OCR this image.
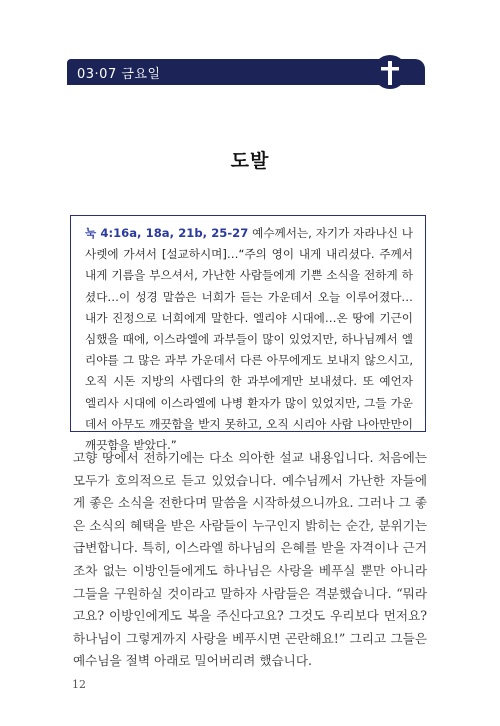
03·07 금요일
도발
눅 4:16a, 18a, 21b, 25-27 예수께서는, 자기가 자라나신 나사렛에 가셔서 [설교하시며]…“주의 영이 내게 내리셨다. 주께서 내게 기름을 부으셔서, 가난한 사람들에게 기쁜 소식을 전하게 하셨다…이 성경 말씀은 너희가 듣는 가운데서 오늘 이루어졌다…내가 진정으로 너희에게 말한다. 엘리야 시대에…온 땅에 기근이 심했을 때에, 이스라엘에 과부들이 많이 있었지만, 하나님께서 엘리야를 그 많은 과부 가운데서 다른 아무에게도 보내지 않으시고, 오직 시돈 지방의 사렙다의 한 과부에게만 보내셨다. 또 예언자 엘리사 시대에 이스라엘에 나병 환자가 많이 있었지만, 그들 가운데서 아무도 깨끗함을 받지 못하고, 오직 시리아 사람 나아만만이 깨끗함을 받았다.”
고향 땅에서 전하기에는 다소 의아한 설교 내용입니다. 처음에는 모두가 호의적으로 듣고 있었습니다. 예수님께서 가난한 자들에게 좋은 소식을 전한다며 말씀을 시작하셨으니까요. 그러나 그 좋은 소식의 혜택을 받은 사람들이 누구인지 밝히는 순간, 분위기는 급변합니다. 특히, 이스라엘 하나님의 은혜를 받을 자격이나 근거조차 없는 이방인들에게도 하나님은 사랑을 베푸실 뿐만 아니라 그들을 구원하실 것이라고 말하자 사람들은 격분했습니다. “뭐라고요? 이방인에게도 복을 주신다고요? 그것도 우리보다 먼저요? 하나님이 그렇게까지 사랑을 베푸시면 곤란해요!” 그리고 그들은 예수님을 절벽 아래로 밀어버리려 했습니다.
12
